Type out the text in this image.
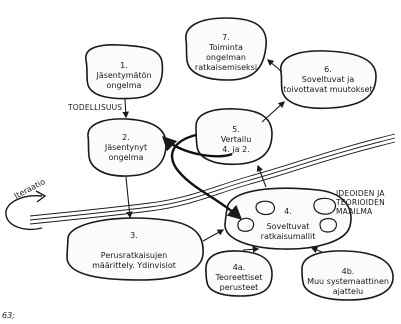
TODELLISUUS
IDEOIDEN JA
TEORIOIDEN
MAAILMA
Iteraatio
1.
Jäsentymätön
ongelma
2.
Jäsentynyt
ongelma
3.
Perusratkaisujen
määrittely. Ydinvisiot
4.
Soveltuvat
ratkaisumallit
4a.
Teoreettiset
perusteet
4b.
Muu systemaattinen
ajattelu
5.
Vertailu
4. ja 2.
6.
Soveltuvat ja
toivottavat muutokset
7.
Toiminta
ongelman
ratkaisemiseksi
63;
